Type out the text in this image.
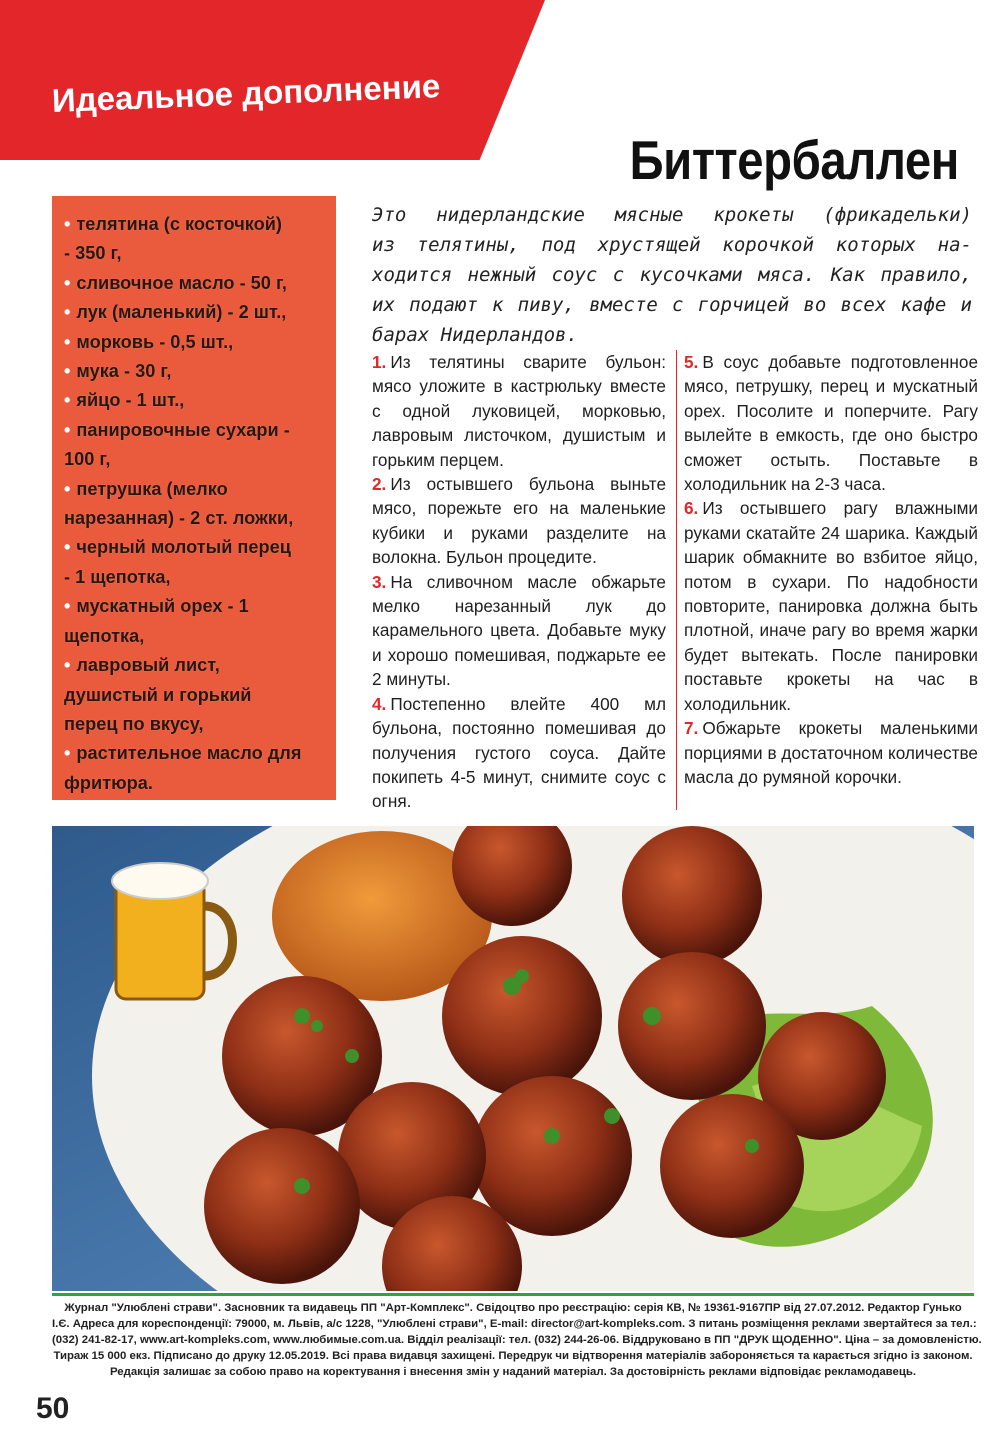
Идеальное дополнение
Биттербаллен
• телятина (с косточкой)
- 350 г,
• сливочное масло - 50 г,
• лук (маленький) - 2 шт.,
• морковь - 0,5 шт.,
• мука - 30 г,
• яйцо - 1 шт.,
• панировочные сухари -
100 г,
• петрушка (мелко
нарезанная) - 2 ст. ложки,
• черный молотый перец
- 1 щепотка,
• мускатный орех - 1
щепотка,
• лавровый лист,
душистый и горький
перец по вкусу,
• растительное масло для
фритюра.
Это нидерландские мясные крокеты (фрикадельки)
из телятины, под хрустящей корочкой которых на-
ходится нежный соус с кусочками мяса. Как правило,
их подают к пиву, вместе с горчицей во всех кафе и
барах Нидерландов.

1. Из телятины сварите бульон: мясо уложите в кастрюльку вместе с одной луковицей, морковью, лавровым листочком, душистым и горьким перцем.

2. Из остывшего бульона выньте мясо, порежьте его на маленькие кубики и руками разделите на волокна. Бульон процедите.

3. На сливочном масле обжарьте мелко нарезанный лук до карамельного цвета. Добавьте муку и хорошо помешивая, поджарьте ее 2 минуты.

4. Постепенно влейте 400 мл бульона, постоянно помешивая до получения густого соуса. Дайте покипеть 4-5 минут, снимите соус с огня.

5. В соус добавьте подготовленное мясо, петрушку, перец и мускатный орех. Посолите и поперчите. Рагу вылейте в емкость, где оно быстро сможет остыть. Поставьте в холодильник на 2-3 часа.

6. Из остывшего рагу влажными руками скатайте 24 шарика. Каждый шарик обмакните во взбитое яйцо, потом в сухари. По надобности повторите, панировка должна быть плотной, иначе рагу во время жарки будет вытекать. После панировки поставьте крокеты на час в холодильник.

7. Обжарьте крокеты маленькими порциями в достаточном количестве масла до румяной корочки.

Журнал "Улюблені страви". Засновник та видавець ПП "Арт-Комплекс". Свідоцтво про реєстрацію: серія КВ, № 19361-9167ПР від 27.07.2012. Редактор Гунько
І.Є. Адреса для кореспонденції: 79000, м. Львів, а/с 1228, "Улюблені страви", E-mail: director@art-kompleks.com. З питань розміщення реклами звертайтеся за тел.:
(032) 241-82-17, www.art-kompleks.com, www.любимые.com.ua. Відділ реалізації: тел. (032) 244-26-06. Віддруковано в ПП "ДРУК ЩОДЕННО". Ціна – за домовленістю.
Тираж 15 000 екз. Підписано до друку 12.05.2019. Всі права видавця захищені. Передрук чи відтворення матеріалів забороняється та карається згідно із законом.
Редакція залишає за собою право на коректування і внесення змін у наданий матеріал. За достовірність реклами відповідає рекламодавець.
50
